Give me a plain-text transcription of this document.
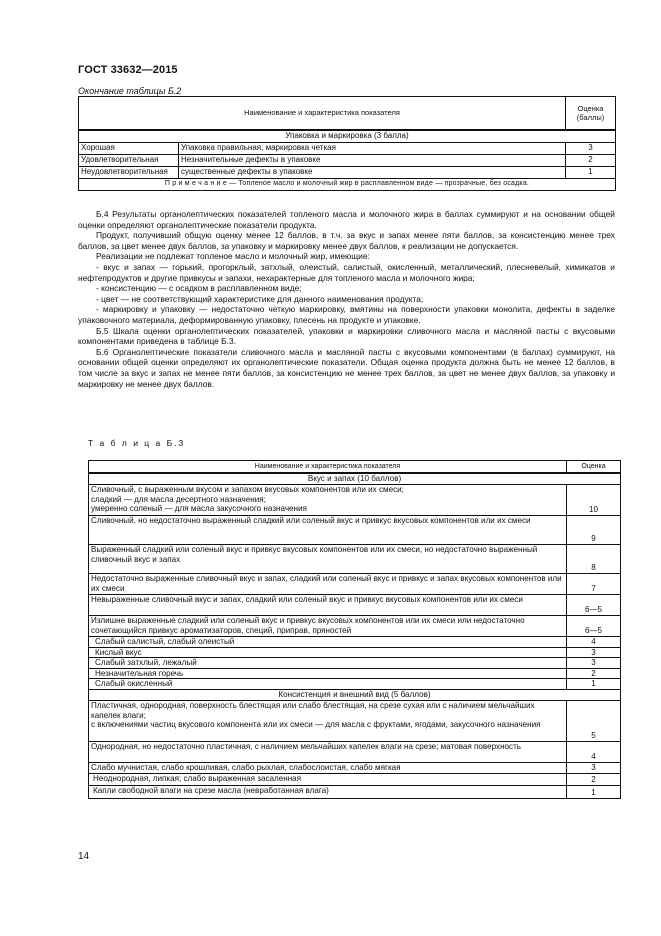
ГОСТ 33632—2015
Окончание таблицы Б.2
Наименование и характеристика показателя		Оценка (баллы)
Упаковка и маркировка (3 балла)		
Хорошая	Упаковка правильная, маркировка четкая	3
Удовлетворительная	Незначительные дефекты в упаковке	2
Неудовлетворительная	существенные дефекты в упаковке	1
П р и м е ч а н и е — Топленое масло и молочный жир в расплавленном виде — прозрачные, без осадка.		

Б.4 Результаты органолептических показателей топленого масла и молочного жира в баллах суммируют и на основании общей оценки определяют органолептические показатели продукта.

Продукт, получивший общую оценку менее 12 баллов, в т.ч. за вкус и запах менее пяти баллов, за консистенцию менее трех баллов, за цвет менее двух баллов, за упаковку и маркировку менее двух баллов, к реализации не допускается.

Реализации не подлежат топленое масло и молочный жир, имеющие:

- вкус и запах — горький, прогорклый, затхлый, олеистый, салистый, окисленный, металлический, плесневелый, химикатов и нефтепродуктов и другие привкусы и запахи, нехарактерные для топленого масла и молочного жира;

- консистенцию — с осадком в расплавленном виде;

- цвет — не соответствующий характеристике для данного наименования продукта;

- маркировку и упаковку — недостаточно четкую маркировку, вмятины на поверхности упаковки монолита, дефекты в заделке упаковочного материала, деформированную упаковку, плесень на продукте и упаковке.

Б.5 Шкала оценки органолептических показателей, упаковки и маркировки сливочного масла и масляной пасты с вкусовыми компонентами приведена в таблице Б.3.

Б.6 Органолептические показатели сливочного масла и масляной пасты с вкусовыми компонентами (в баллах) суммируют, на основании общей оценки определяют их органолептические показатели. Общая оценка продукта должна быть не менее 12 баллов, в том числе за вкус и запах не менее пяти баллов, за консистенцию не менее трех баллов, за цвет не менее двух баллов, за упаковку и маркировку не менее двух баллов.

Т а б л и ц а Б.3
Наименование и характеристика показателя	Оценка
Вкус и запах (10 баллов)	
Сливочный, с выраженным вкусом и запахом вкусовых компонентов или их смеси;
сладкий — для масла десертного назначения;
умеренно соленый — для масла закусочного назначения	10
Сливочный, но недостаточно выраженный сладкий или соленый вкус и привкус вкусовых компонентов или их смеси	9
Выраженный сладкий или соленый вкус и привкус вкусовых компонентов или их смеси, но недостаточно выраженный сливочный вкус и запах	8
Недостаточно выраженные сливочный вкус и запах, сладкий или соленый вкус и привкус и запах вкусовых компонентов или их смеси	7
Невыраженные сливочный вкус и запах, сладкий или соленый вкус и привкус вкусовых компонентов или их смеси	6—5
Излишне выраженные сладкий или соленый вкус и привкус вкусовых компонентов или их смеси или недостаточно сочетающийся привкус ароматизаторов, специй, приправ, пряностей	6—5
Слабый салистый, слабый олеистый	4
Кислый вкус	3
Слабый затхлый, лежалый	3
Незначительная горечь	2
Слабый окисленный	1
Консистенция и внешний вид (5 баллов)	
Пластичная, однородная, поверхность блестящая или слабо блестящая, на срезе сухая или с наличием мельчайших капелек влаги;
с включениями частиц вкусового компонента или их смеси — для масла с фруктами, ягодами, закусочного назначения	5
Однородная, но недостаточно пластичная, с наличием мельчайших капелек влаги на срезе; матовая поверхность	4
Слабо мучнистая, слабо крошливая, слабо рыхлая, слабослоистая, слабо мягкая	3
Неоднородная, липкая; слабо выраженная засаленная	2
Капли свободной влаги на срезе масла (невработанная влага)	1
14
